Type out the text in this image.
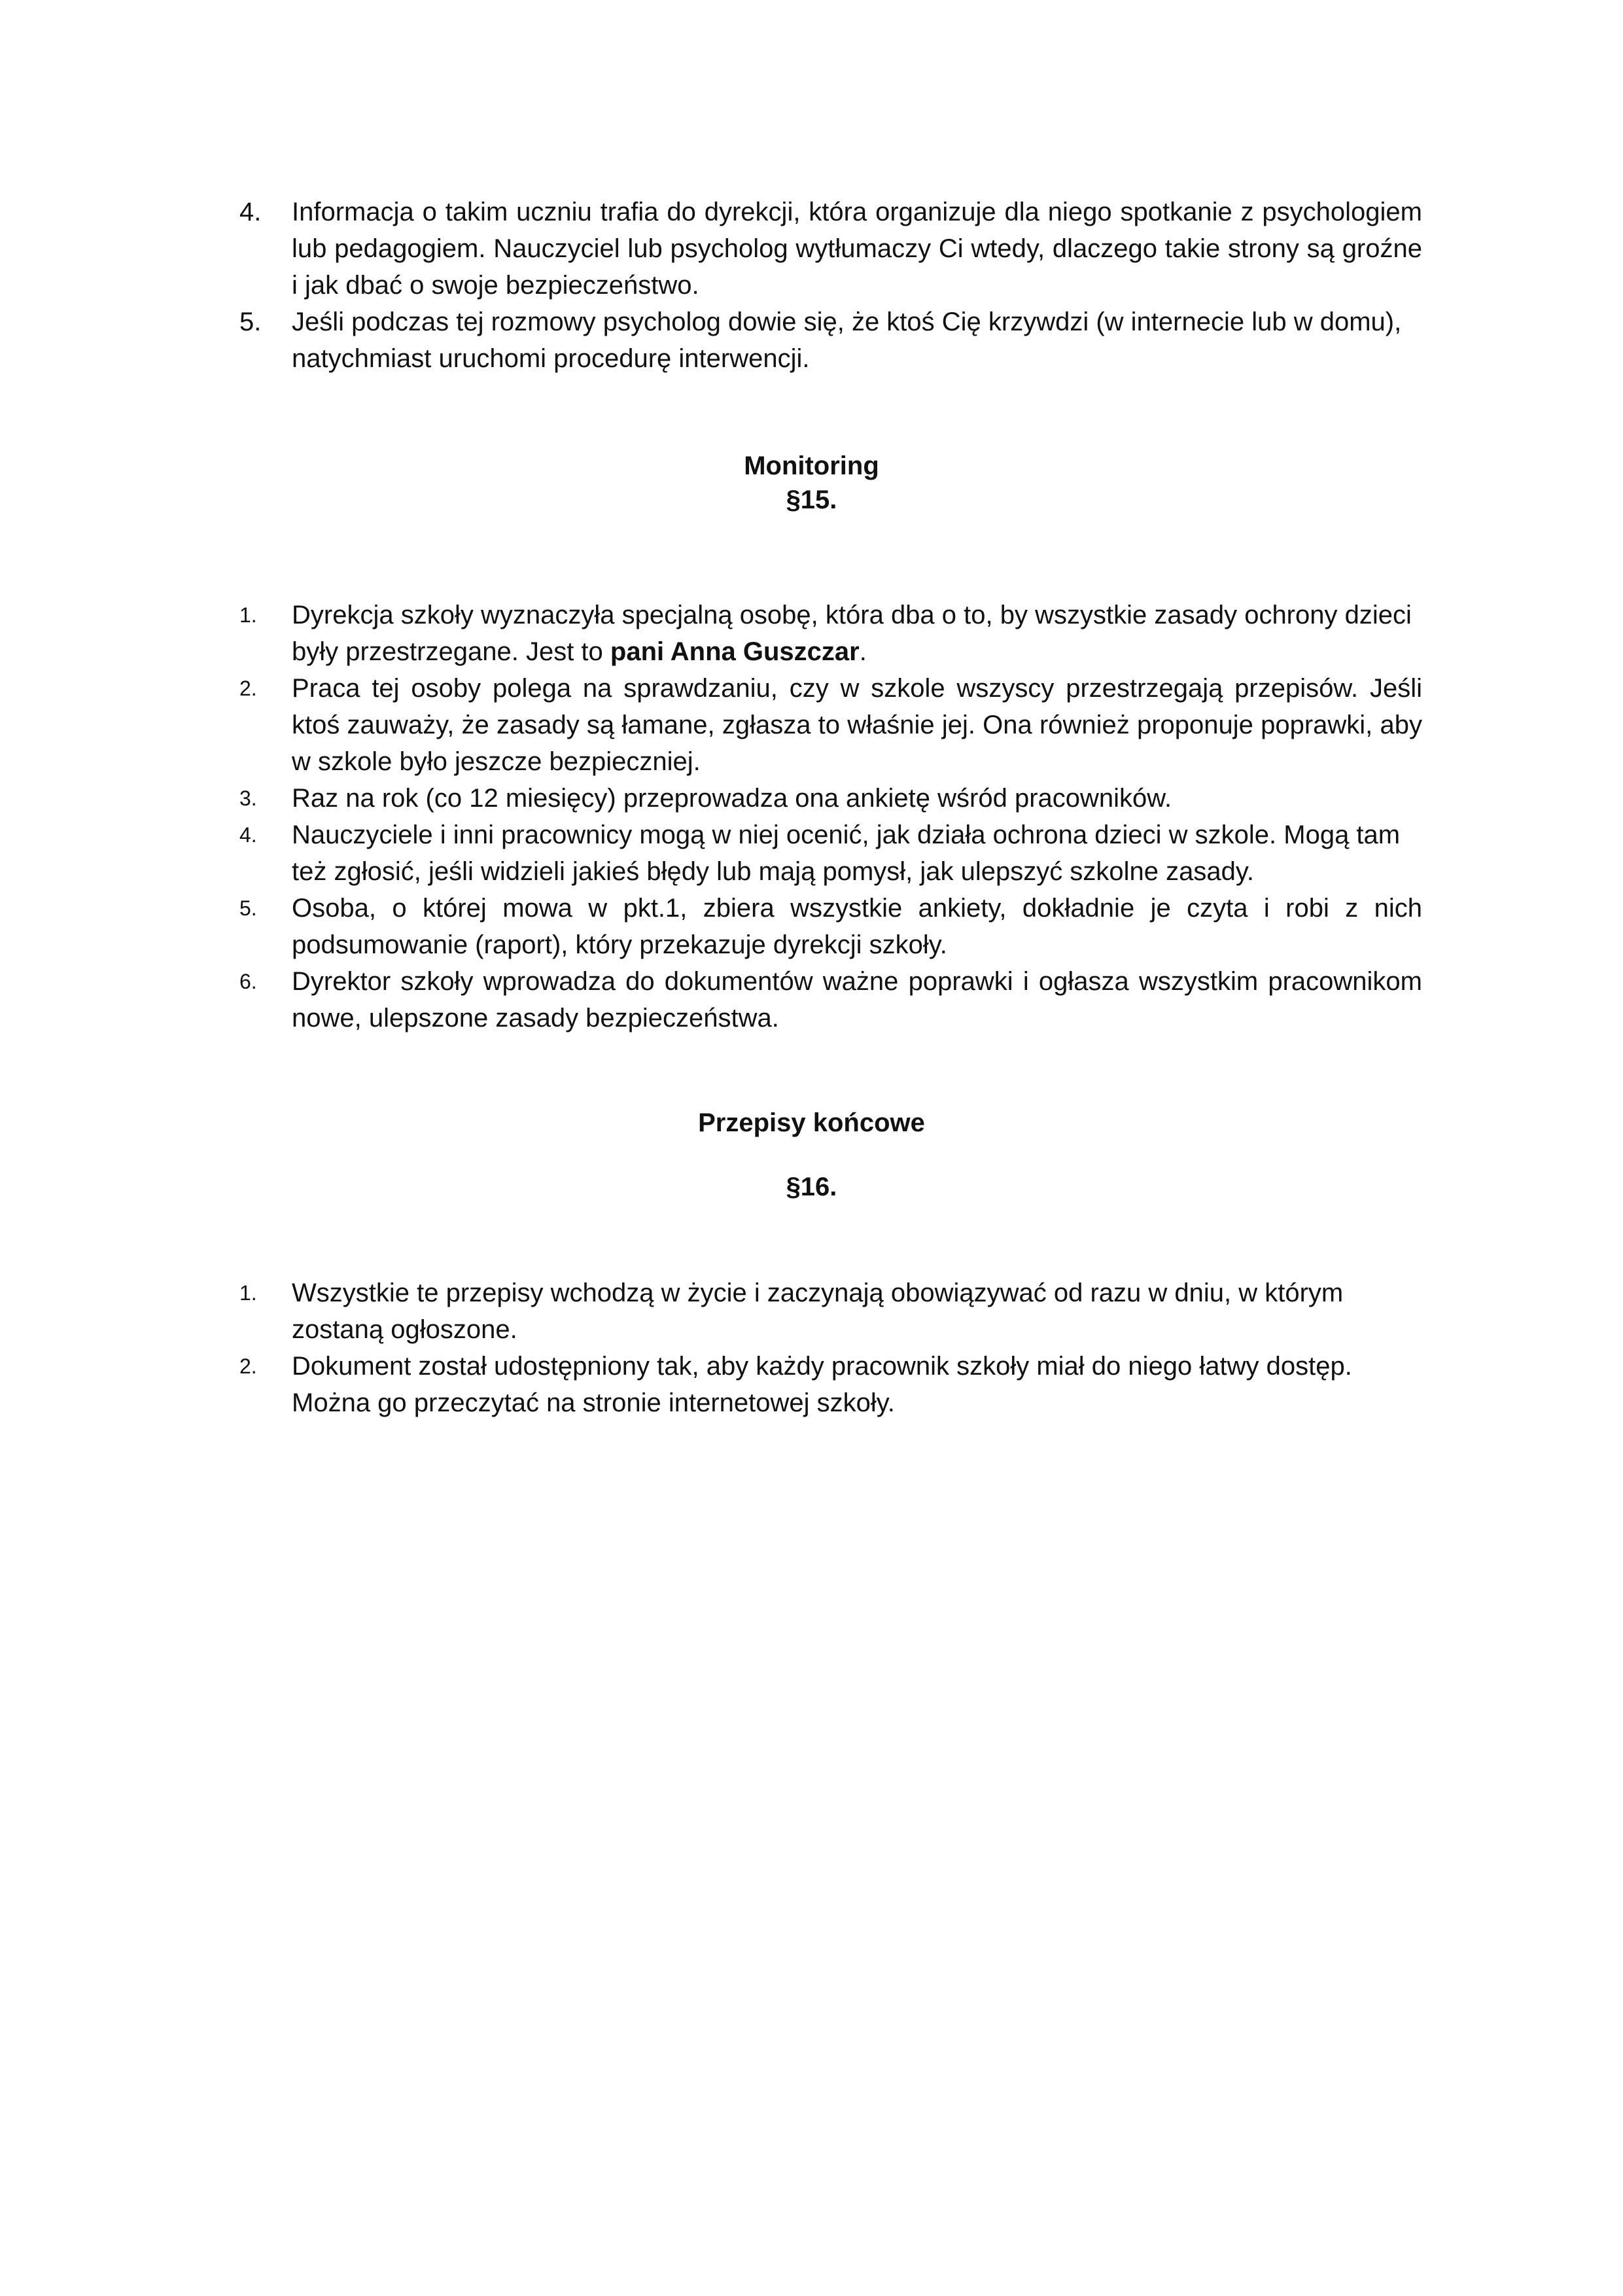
4.	Informacja o takim uczniu trafia do dyrekcji, która organizuje dla niego spotkanie z psychologiem lub pedagogiem. Nauczyciel lub psycholog wytłumaczy Ci wtedy, dlaczego takie strony są groźne i jak dbać o swoje bezpieczeństwo.
5.	Jeśli podczas tej rozmowy psycholog dowie się, że ktoś Cię krzywdzi (w internecie lub w domu), natychmiast uruchomi procedurę interwencji.

Monitoring

§15.

1.	Dyrekcja szkoły wyznaczyła specjalną osobę, która dba o to, by wszystkie zasady ochrony dzieci były przestrzegane. Jest to pani Anna Guszczar.
2.	Praca tej osoby polega na sprawdzaniu, czy w szkole wszyscy przestrzegają przepisów. Jeśli ktoś zauważy, że zasady są łamane, zgłasza to właśnie jej. Ona również proponuje poprawki, aby w szkole było jeszcze bezpieczniej.
3.	Raz na rok (co 12 miesięcy) przeprowadza ona ankietę wśród pracowników.
4.	Nauczyciele i inni pracownicy mogą w niej ocenić, jak działa ochrona dzieci w szkole. Mogą tam też zgłosić, jeśli widzieli jakieś błędy lub mają pomysł, jak ulepszyć szkolne zasady.
5.	Osoba, o której mowa w pkt.1, zbiera wszystkie ankiety, dokładnie je czyta i robi z nich podsumowanie (raport), który przekazuje dyrekcji szkoły.
6.	Dyrektor szkoły wprowadza do dokumentów ważne poprawki i ogłasza wszystkim pracownikom nowe, ulepszone zasady bezpieczeństwa.

Przepisy końcowe

§16.

1.	Wszystkie te przepisy wchodzą w życie i zaczynają obowiązywać od razu w dniu, w którym zostaną ogłoszone.
2.	Dokument został udostępniony tak, aby każdy pracownik szkoły miał do niego łatwy dostęp. Można go przeczytać na stronie internetowej szkoły.
